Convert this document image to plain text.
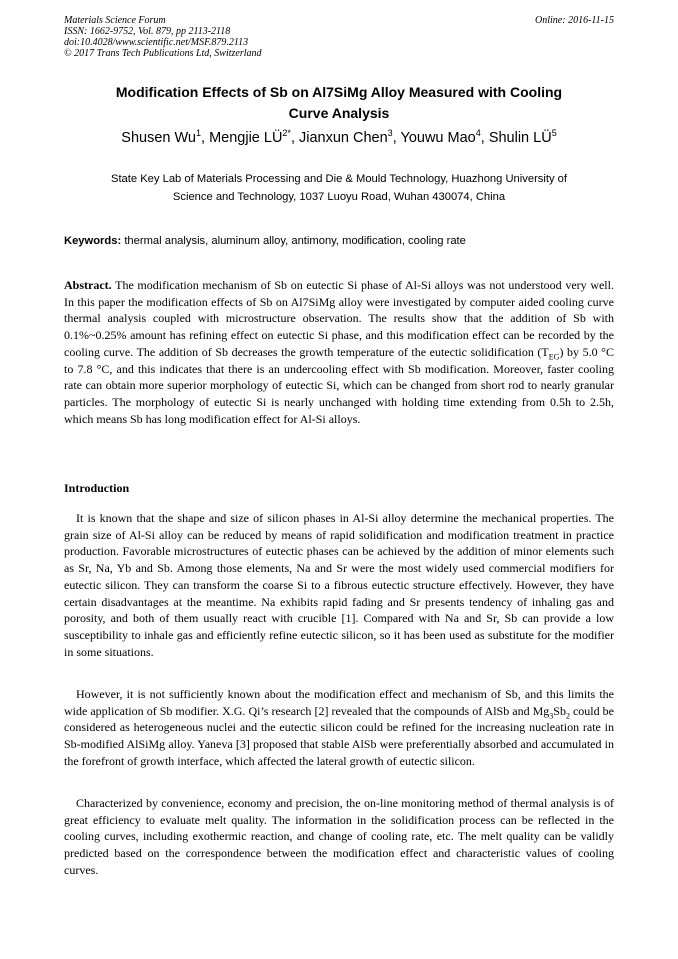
Materials Science Forum
ISSN: 1662-9752, Vol. 879, pp 2113-2118
doi:10.4028/www.scientific.net/MSF.879.2113
© 2017 Trans Tech Publications Ltd, Switzerland
Online: 2016-11-15
Modification Effects of Sb on Al7SiMg Alloy Measured with Cooling
Curve Analysis
Shusen Wu$^1$, Mengjie $LÜ^{2*}$, Jianxun Chen$^3$, Youwu Mao$^4$, Shulin $LÜ^5$
State Key Lab of Materials Processing and Die & Mould Technology, Huazhong University of
Science and Technology, 1037 Luoyu Road, Wuhan 430074, China
Keywords: thermal analysis, aluminum alloy, antimony, modification, cooling rate
Abstract. The modification mechanism of Sb on eutectic Si phase of Al-Si alloys was not understood very well. In this paper the modification effects of Sb on Al7SiMg alloy were investigated by computer aided cooling curve thermal analysis coupled with microstructure observation. The results show that the addition of Sb with 0.1%~0.25% amount has refining effect on eutectic Si phase, and this modification effect can be recorded by the cooling curve. The addition of Sb decreases the growth temperature of the eutectic solidification $(T_{EG})$ by 5.0 °C to 7.8 °C, and this indicates that there is an undercooling effect with Sb modification. Moreover, faster cooling rate can obtain more superior morphology of eutectic Si, which can be changed from short rod to nearly granular particles. The morphology of eutectic Si is nearly unchanged with holding time extending from 0.5h to 2.5h, which means Sb has long modification effect for Al-Si alloys.
Introduction
It is known that the shape and size of silicon phases in Al-Si alloy determine the mechanical properties. The grain size of Al-Si alloy can be reduced by means of rapid solidification and modification treatment in practice production. Favorable microstructures of eutectic phases can be achieved by the addition of minor elements such as Sr, Na, Yb and Sb. Among those elements, Na and Sr were the most widely used commercial modifiers for eutectic silicon. They can transform the coarse Si to a fibrous eutectic structure effectively. However, they have certain disadvantages at the meantime. Na exhibits rapid fading and Sr presents tendency of inhaling gas and porosity, and both of them usually react with crucible [1]. Compared with Na and Sr, Sb can provide a low susceptibility to inhale gas and efficiently refine eutectic silicon, so it has been used as substitute for the modifier in some situations.
However, it is not sufficiently known about the modification effect and mechanism of Sb, and this limits the wide application of Sb modifier. X.G. Qi’s research [2] revealed that the compounds of AlSb and $Mg_3Sb_2$ could be considered as heterogeneous nuclei and the eutectic silicon could be refined for the increasing nucleation rate in Sb-modified AlSiMg alloy. Yaneva [3] proposed that stable AlSb were preferentially absorbed and accumulated in the forefront of growth interface, which affected the lateral growth of eutectic silicon.
Characterized by convenience, economy and precision, the on-line monitoring method of thermal analysis is of great efficiency to evaluate melt quality. The information in the solidification process can be reflected in the cooling curves, including exothermic reaction, and change of cooling rate, etc. The melt quality can be validly predicted based on the correspondence between the modification effect and characteristic values of cooling curves.
